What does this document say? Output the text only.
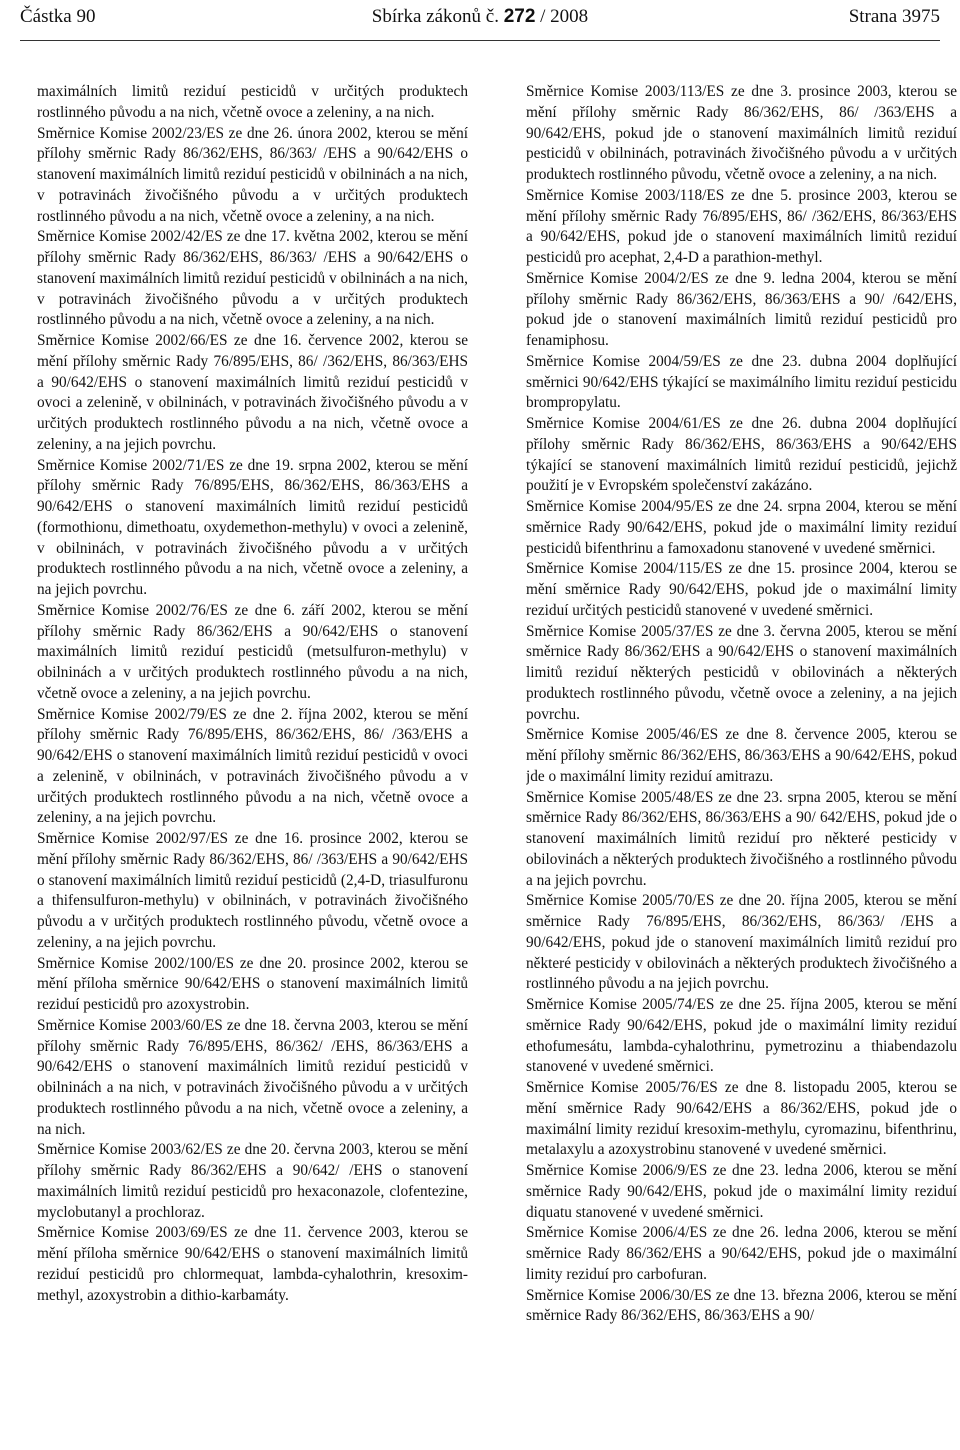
Částka 90	Sbírka zákonů č. 272 / 2008	Strana 3975

maximálních limitů reziduí pesticidů v určitých produktech rostlinného původu a na nich, včetně ovoce a zeleniny, a na nich.

Směrnice Komise 2002/23/ES ze dne 26. února 2002, kterou se mění přílohy směrnic Rady 86/362/EHS, 86/363/ /EHS a 90/642/EHS o stanovení maximálních limitů reziduí pesticidů v obilninách a na nich, v potravinách živočišného původu a v určitých produktech rostlinného původu a na nich, včetně ovoce a zeleniny, a na nich.

Směrnice Komise 2002/42/ES ze dne 17. května 2002, kterou se mění přílohy směrnic Rady 86/362/EHS, 86/363/ /EHS a 90/642/EHS o stanovení maximálních limitů reziduí pesticidů v obilninách a na nich, v potravinách živočišného původu a v určitých produktech rostlinného původu a na nich, včetně ovoce a zeleniny, a na nich.

Směrnice Komise 2002/66/ES ze dne 16. července 2002, kterou se mění přílohy směrnic Rady 76/895/EHS, 86/ /362/EHS, 86/363/EHS a 90/642/EHS o stanovení maximálních limitů reziduí pesticidů v ovoci a zelenině, v obilninách, v potravinách živočišného původu a v určitých produktech rostlinného původu a na nich, včetně ovoce a zeleniny, a na jejich povrchu.

Směrnice Komise 2002/71/ES ze dne 19. srpna 2002, kterou se mění přílohy směrnic Rady 76/895/EHS, 86/362/EHS, 86/363/EHS a 90/642/EHS o stanovení maximálních limitů reziduí pesticidů (formothionu, dimethoatu, oxydemethon-methylu) v ovoci a zelenině, v obilninách, v potravinách živočišného původu a v určitých produktech rostlinného původu a na nich, včetně ovoce a zeleniny, a na jejich povrchu.

Směrnice Komise 2002/76/ES ze dne 6. září 2002, kterou se mění přílohy směrnic Rady 86/362/EHS a 90/642/EHS o stanovení maximálních limitů reziduí pesticidů (metsulfuron-methylu) v obilninách a v určitých produktech rostlinného původu a na nich, včetně ovoce a zeleniny, a na jejich povrchu.

Směrnice Komise 2002/79/ES ze dne 2. října 2002, kterou se mění přílohy směrnic Rady 76/895/EHS, 86/362/EHS, 86/ /363/EHS a 90/642/EHS o stanovení maximálních limitů reziduí pesticidů v ovoci a zelenině, v obilninách, v potravinách živočišného původu a v určitých produktech rostlinného původu a na nich, včetně ovoce a zeleniny, a na jejich povrchu.

Směrnice Komise 2002/97/ES ze dne 16. prosince 2002, kterou se mění přílohy směrnic Rady 86/362/EHS, 86/ /363/EHS a 90/642/EHS o stanovení maximálních limitů reziduí pesticidů (2,4-D, triasulfuronu a thifensulfuron-methylu) v obilninách, v potravinách živočišného původu a v určitých produktech rostlinného původu, včetně ovoce a zeleniny, a na jejich povrchu.

Směrnice Komise 2002/100/ES ze dne 20. prosince 2002, kterou se mění příloha směrnice 90/642/EHS o stanovení maximálních limitů reziduí pesticidů pro azoxystrobin.

Směrnice Komise 2003/60/ES ze dne 18. června 2003, kterou se mění přílohy směrnic Rady 76/895/EHS, 86/362/ /EHS, 86/363/EHS a 90/642/EHS o stanovení maximálních limitů reziduí pesticidů v obilninách a na nich, v potravinách živočišného původu a v určitých produktech rostlinného původu a na nich, včetně ovoce a zeleniny, a na nich.

Směrnice Komise 2003/62/ES ze dne 20. června 2003, kterou se mění přílohy směrnic Rady 86/362/EHS a 90/642/ /EHS o stanovení maximálních limitů reziduí pesticidů pro hexaconazole, clofentezine, myclobutanyl a prochloraz.

Směrnice Komise 2003/69/ES ze dne 11. července 2003, kterou se mění příloha směrnice 90/642/EHS o stanovení maximálních limitů reziduí pesticidů pro chlormequat, lambda-cyhalothrin, kresoxim-methyl, azoxystrobin a dithio-karbamáty.

Směrnice Komise 2003/113/ES ze dne 3. prosince 2003, kterou se mění přílohy směrnic Rady 86/362/EHS, 86/ /363/EHS a 90/642/EHS, pokud jde o stanovení maximálních limitů reziduí pesticidů v obilninách, potravinách živočišného původu a v určitých produktech rostlinného původu, včetně ovoce a zeleniny, a na nich.

Směrnice Komise 2003/118/ES ze dne 5. prosince 2003, kterou se mění přílohy směrnic Rady 76/895/EHS, 86/ /362/EHS, 86/363/EHS a 90/642/EHS, pokud jde o stanovení maximálních limitů reziduí pesticidů pro acephat, 2,4-D a parathion-methyl.

Směrnice Komise 2004/2/ES ze dne 9. ledna 2004, kterou se mění přílohy směrnic Rady 86/362/EHS, 86/363/EHS a 90/ /642/EHS, pokud jde o stanovení maximálních limitů reziduí pesticidů pro fenamiphosu.

Směrnice Komise 2004/59/ES ze dne 23. dubna 2004 doplňující směrnici 90/642/EHS týkající se maximálního limitu reziduí pesticidu brompropylatu.

Směrnice Komise 2004/61/ES ze dne 26. dubna 2004 doplňující přílohy směrnic Rady 86/362/EHS, 86/363/EHS a 90/642/EHS týkající se stanovení maximálních limitů reziduí pesticidů, jejichž použití je v Evropském společenství zakázáno.

Směrnice Komise 2004/95/ES ze dne 24. srpna 2004, kterou se mění směrnice Rady 90/642/EHS, pokud jde o maximální limity reziduí pesticidů bifenthrinu a famoxadonu stanovené v uvedené směrnici.

Směrnice Komise 2004/115/ES ze dne 15. prosince 2004, kterou se mění směrnice Rady 90/642/EHS, pokud jde o maximální limity reziduí určitých pesticidů stanovené v uvedené směrnici.

Směrnice Komise 2005/37/ES ze dne 3. června 2005, kterou se mění směrnice Rady 86/362/EHS a 90/642/EHS o stanovení maximálních limitů reziduí některých pesticidů v obilovinách a některých produktech rostlinného původu, včetně ovoce a zeleniny, a na jejich povrchu.

Směrnice Komise 2005/46/ES ze dne 8. července 2005, kterou se mění přílohy směrnic 86/362/EHS, 86/363/EHS a 90/642/EHS, pokud jde o maximální limity reziduí amitrazu.

Směrnice Komise 2005/48/ES ze dne 23. srpna 2005, kterou se mění směrnice Rady 86/362/EHS, 86/363/EHS a 90/ 642/EHS, pokud jde o stanovení maximálních limitů reziduí pro některé pesticidy v obilovinách a některých produktech živočišného a rostlinného původu a na jejich povrchu.

Směrnice Komise 2005/70/ES ze dne 20. října 2005, kterou se mění směrnice Rady 76/895/EHS, 86/362/EHS, 86/363/ /EHS a 90/642/EHS, pokud jde o stanovení maximálních limitů reziduí pro některé pesticidy v obilovinách a některých produktech živočišného a rostlinného původu a na jejich povrchu.

Směrnice Komise 2005/74/ES ze dne 25. října 2005, kterou se mění směrnice Rady 90/642/EHS, pokud jde o maximální limity reziduí ethofumesátu, lambda-cyhalothrinu, pymetrozinu a thiabendazolu stanovené v uvedené směrnici.

Směrnice Komise 2005/76/ES ze dne 8. listopadu 2005, kterou se mění směrnice Rady 90/642/EHS a 86/362/EHS, pokud jde o maximální limity reziduí kresoxim-methylu, cyromazinu, bifenthrinu, metalaxylu a azoxystrobinu stanovené v uvedené směrnici.

Směrnice Komise 2006/9/ES ze dne 23. ledna 2006, kterou se mění směrnice Rady 90/642/EHS, pokud jde o maximální limity reziduí diquatu stanovené v uvedené směrnici.

Směrnice Komise 2006/4/ES ze dne 26. ledna 2006, kterou se mění směrnice Rady 86/362/EHS a 90/642/EHS, pokud jde o maximální limity reziduí pro carbofuran.

Směrnice Komise 2006/30/ES ze dne 13. března 2006, kterou se mění směrnice Rady 86/362/EHS, 86/363/EHS a 90/
